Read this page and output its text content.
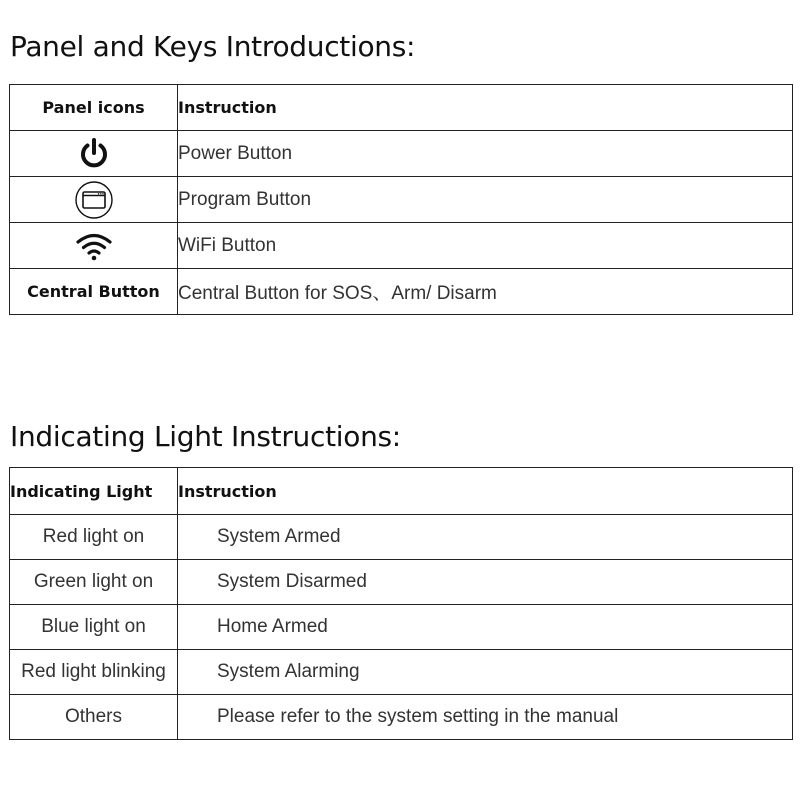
Panel and Keys Introductions:
Panel icons	Instruction
	Power Button
	Program Button
	WiFi Button
Central Button	Central Button for SOS、Arm/ Disarm
Indicating Light Instructions:
Indicating Light	Instruction
Red light on	System Armed
Green light on	System Disarmed
Blue light on	Home Armed
Red light blinking	System Alarming
Others	Please refer to the system setting in the manual
